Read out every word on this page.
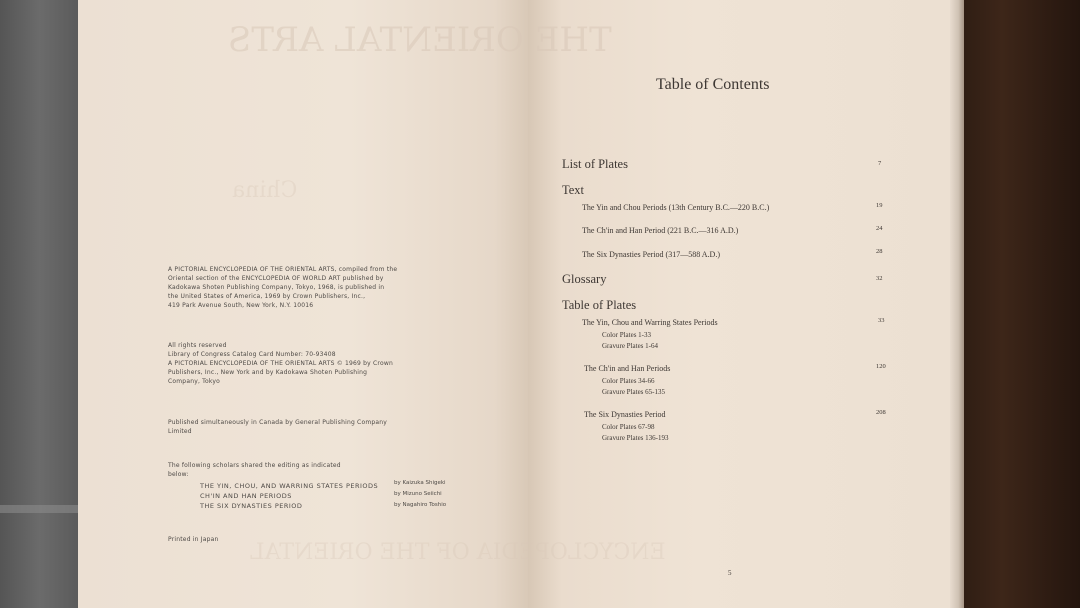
THE ORIENTAL ARTS
China
ENCYCLOPEDIA OF THE ORIENTAL
A PICTORIAL ENCYCLOPEDIA OF THE ORIENTAL ARTS, compiled from the
Oriental section of the ENCYCLOPEDIA OF WORLD ART published by
Kadokawa Shoten Publishing Company, Tokyo, 1968, is published in
the United States of America, 1969 by Crown Publishers, Inc.,
419 Park Avenue South, New York, N.Y. 10016
All rights reserved
Library of Congress Catalog Card Number: 70-93408
A PICTORIAL ENCYCLOPEDIA OF THE ORIENTAL ARTS © 1969 by Crown
Publishers, Inc., New York and by Kadokawa Shoten Publishing
Company, Tokyo
Published simultaneously in Canada by General Publishing Company
Limited
The following scholars shared the editing as indicated
below:
THE YIN, CHOU, AND WARRING STATES PERIODS	by Kaizuka Shigeki
CH'IN AND HAN PERIODS	by Mizuno Seiichi
THE SIX DYNASTIES PERIOD	by Nagahiro Toshio
Printed in Japan
Table of Contents
List of Plates	7
Text
The Yin and Chou Periods (13th Century B.C.—220 B.C.)	19
The Ch'in and Han Period (221 B.C.—316 A.D.)	24
The Six Dynasties Period (317—588 A.D.)	28
Glossary	32
Table of Plates
The Yin, Chou and Warring States Periods	33
Color Plates 1-33
Gravure Plates 1-64
The Ch'in and Han Periods	120
Color Plates 34-66
Gravure Plates 65-135
The Six Dynasties Period	208
Color Plates 67-98
Gravure Plates 136-193
5
